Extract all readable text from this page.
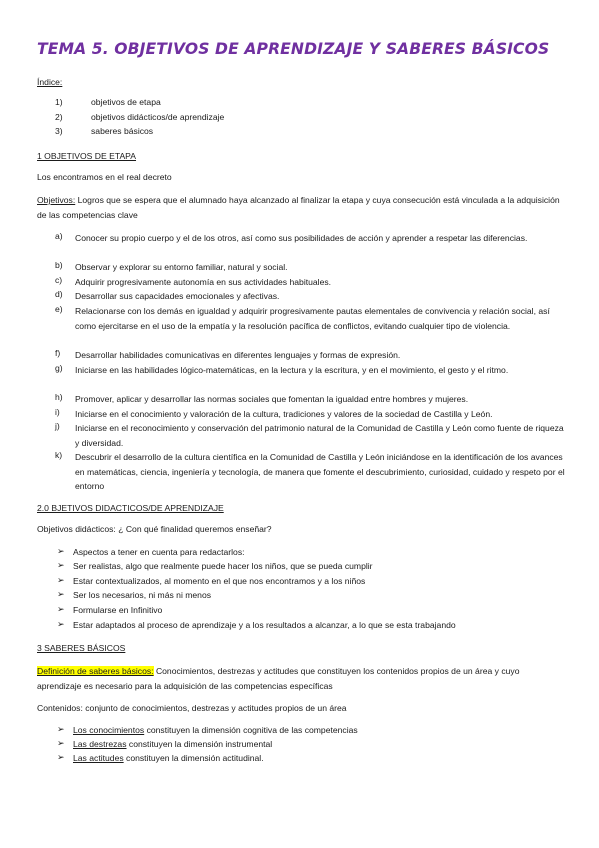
TEMA 5. OBJETIVOS DE APRENDIZAJE Y SABERES BÁSICOS
Índice:
1)	objetivos de etapa
2)	objetivos didácticos/de aprendizaje
3)	saberes básicos
1 OBJETIVOS DE ETAPA
Los encontramos en el real decreto
Objetivos: Logros que se espera que el alumnado haya alcanzado al finalizar la etapa y cuya consecución está vinculada a la adquisición de las competencias clave
a) Conocer su propio cuerpo y el de los otros, así como sus posibilidades de acción y aprender a respetar las diferencias.
b) Observar y explorar su entorno familiar, natural y social.
c) Adquirir progresivamente autonomía en sus actividades habituales.
d) Desarrollar sus capacidades emocionales y afectivas.
e) Relacionarse con los demás en igualdad y adquirir progresivamente pautas elementales de convivencia y relación social, así como ejercitarse en el uso de la empatía y la resolución pacífica de conflictos, evitando cualquier tipo de violencia.
f) Desarrollar habilidades comunicativas en diferentes lenguajes y formas de expresión.
g) Iniciarse en las habilidades lógico-matemáticas, en la lectura y la escritura, y en el movimiento, el gesto y el ritmo.
h) Promover, aplicar y desarrollar las normas sociales que fomentan la igualdad entre hombres y mujeres.
i) Iniciarse en el conocimiento y valoración de la cultura, tradiciones y valores de la sociedad de Castilla y León.
j) Iniciarse en el reconocimiento y conservación del patrimonio natural de la Comunidad de Castilla y León como fuente de riqueza y diversidad.
k) Descubrir el desarrollo de la cultura científica en la Comunidad de Castilla y León iniciándose en la identificación de los avances en matemáticas, ciencia, ingeniería y tecnología, de manera que fomente el descubrimiento, curiosidad, cuidado y respeto por el entorno
2.0 BJETIVOS DIDACTICOS/DE APRENDIZAJE
Objetivos didácticos: ¿ Con qué finalidad queremos enseñar?
➢ Aspectos a tener en cuenta para redactarlos:
➢ Ser realistas, algo que realmente puede hacer los niños, que se pueda cumplir
➢ Estar contextualizados, al momento en el que nos encontramos y a los niños
➢ Ser los necesarios, ni más ni menos
➢ Formularse en Infinitivo
➢ Estar adaptados al proceso de aprendizaje y a los resultados a alcanzar, a lo que se esta trabajando
3 SABERES BÁSICOS
Definición de saberes básicos: Conocimientos, destrezas y actitudes que constituyen los contenidos propios de un área y cuyo aprendizaje es necesario para la adquisición de las competencias específicas
Contenidos: conjunto de conocimientos, destrezas y actitudes propios de un área
➢ Los conocimientos constituyen la dimensión cognitiva de las competencias
➢ Las destrezas constituyen la dimensión instrumental
➢ Las actitudes constituyen la dimensión actitudinal.
